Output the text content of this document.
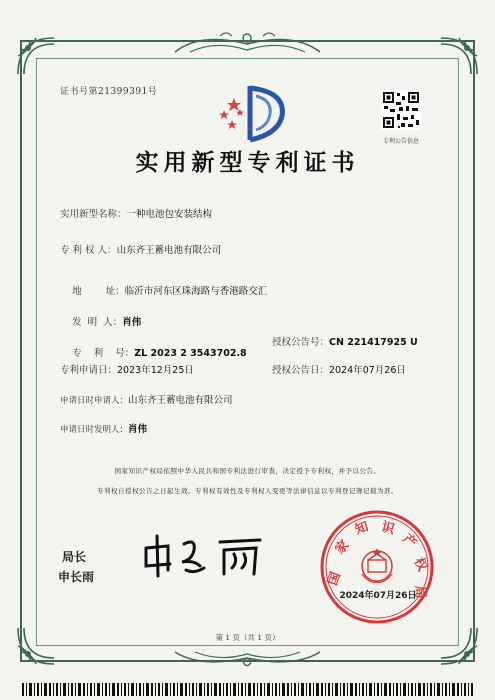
证书号第21399391号
专利公告信息
实用新型专利证书
实用新型名称：一种电池包安装结构
专 利 权 人：山东齐王蓄电池有限公司

地        址：临沂市河东区珠海路与香港路交汇

发  明  人：肖伟

专    利    号：ZL 2023 2 3543702.8

授权公告号：CN 221417925 U
专利申请日：2023年12月25日	授权公告日：2024年07月26日
申请日时申请人：山东齐王蓄电池有限公司
申请日时发明人：肖伟
国家知识产权局依照中华人民共和国专利法进行审查，决定授予专利权，并予以公告。
专利权自授权公告之日起生效。专利权有效性及专利权人变更等法律信息以专利登记簿记载为准。
局长
申长雨	国
家
知 识
产
权
局
2024年07月26日
第 1 页（共 1 页）
